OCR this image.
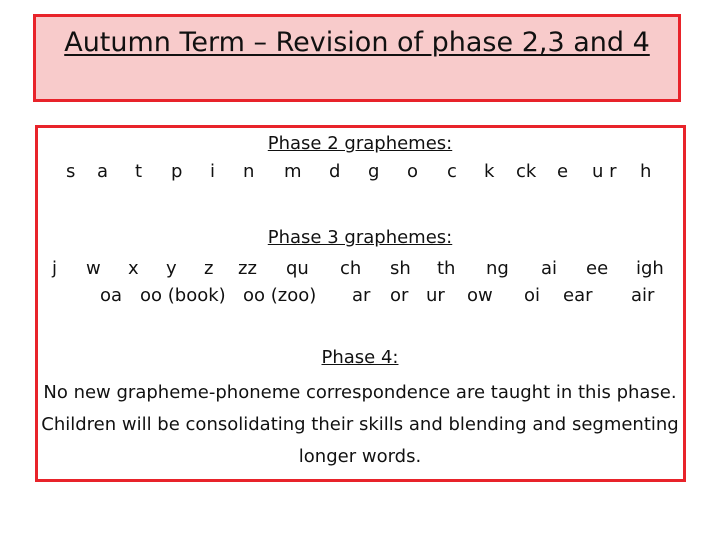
Autumn Term – Revision of phase 2,3 and 4
Phase 2 graphemes:
s a t p i n m d g o c k ck e u r h
Phase 3 graphemes:
j w x y z zz qu ch sh th ng ai ee igh
oa oo (book) oo (zoo) ar or ur ow oi ear air
Phase 4:
No new grapheme-phoneme correspondence are taught in this phase. Children will be consolidating their skills and blending and segmenting longer words.
